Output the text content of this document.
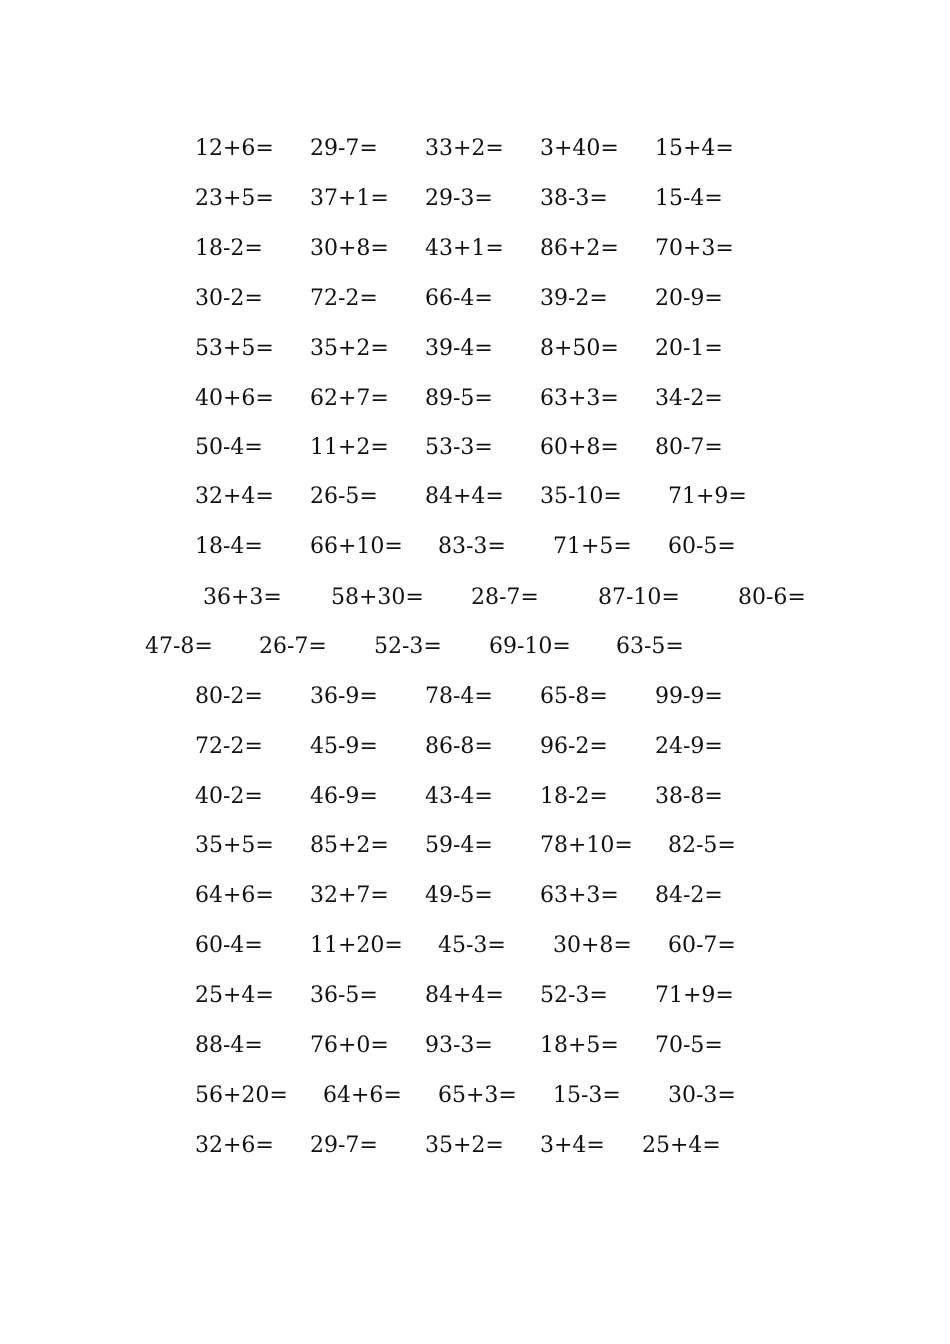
12+6= 29-7= 33+2= 3+40= 15+4=
23+5= 37+1= 29-3= 38-3= 15-4=
18-2= 30+8= 43+1= 86+2= 70+3=
30-2= 72-2= 66-4= 39-2= 20-9=
53+5= 35+2= 39-4= 8+50= 20-1=
40+6= 62+7= 89-5= 63+3= 34-2=
50-4= 11+2= 53-3= 60+8= 80-7=
32+4= 26-5= 84+4= 35-10= 71+9=
18-4= 66+10= 83-3= 71+5= 60-5=
36+3= 58+30= 28-7=	87-10=	80-6=
47-8= 26-7= 52-3= 69-10= 63-5=
80-2= 36-9= 78-4= 65-8= 99-9=
72-2= 45-9= 86-8= 96-2= 24-9=
40-2= 46-9= 43-4= 18-2= 38-8=
35+5= 85+2= 59-4= 78+10= 82-5=
64+6= 32+7= 49-5= 63+3= 84-2=
60-4= 11+20= 45-3= 30+8= 60-7=
25+4= 36-5= 84+4= 52-3= 71+9=
88-4= 76+0= 93-3= 18+5= 70-5=
56+20= 64+6= 65+3= 15-3= 30-3=
32+6= 29-7= 35+2= 3+4= 25+4=
